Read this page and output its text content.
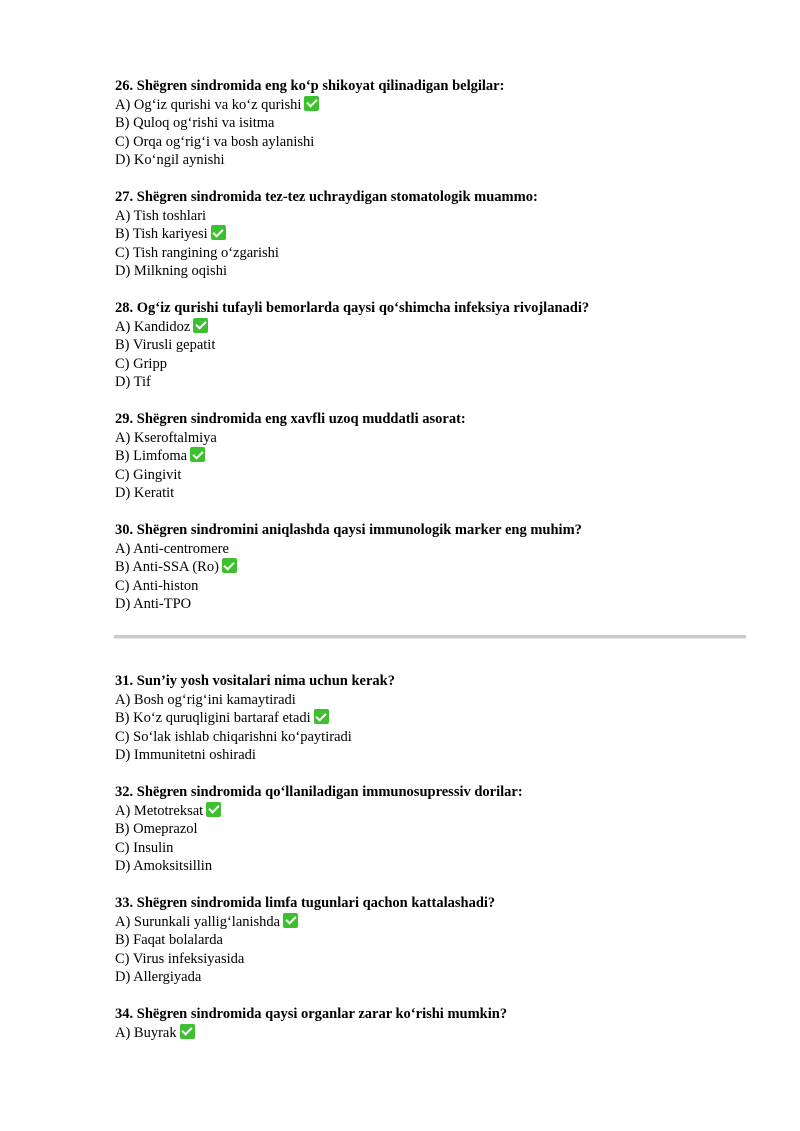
26. Shëgren sindromida eng ko‘p shikoyat qilinadigan belgilar:

A) Og‘iz qurishi va ko‘z qurishi

B) Quloq og‘rishi va isitma

C) Orqa og‘rig‘i va bosh aylanishi

D) Ko‘ngil aynishi

27. Shëgren sindromida tez-tez uchraydigan stomatologik muammo:

A) Tish toshlari

B) Tish kariyesi

C) Tish rangining o‘zgarishi

D) Milkning oqishi

28. Og‘iz qurishi tufayli bemorlarda qaysi qo‘shimcha infeksiya rivojlanadi?

A) Kandidoz

B) Virusli gepatit

C) Gripp

D) Tif

29. Shëgren sindromida eng xavfli uzoq muddatli asorat:

A) Kseroftalmiya

B) Limfoma

C) Gingivit

D) Keratit

30. Shëgren sindromini aniqlashda qaysi immunologik marker eng muhim?

A) Anti-centromere

B) Anti-SSA (Ro)

C) Anti-histon

D) Anti-TPO

31. Sun’iy yosh vositalari nima uchun kerak?

A) Bosh og‘rig‘ini kamaytiradi

B) Ko‘z quruqligini bartaraf etadi

C) So‘lak ishlab chiqarishni ko‘paytiradi

D) Immunitetni oshiradi

32. Shëgren sindromida qo‘llaniladigan immunosupressiv dorilar:

A) Metotreksat

B) Omeprazol

C) Insulin

D) Amoksitsillin

33. Shëgren sindromida limfa tugunlari qachon kattalashadi?

A) Surunkali yallig‘lanishda

B) Faqat bolalarda

C) Virus infeksiyasida

D) Allergiyada

34. Shëgren sindromida qaysi organlar zarar ko‘rishi mumkin?

A) Buyrak
